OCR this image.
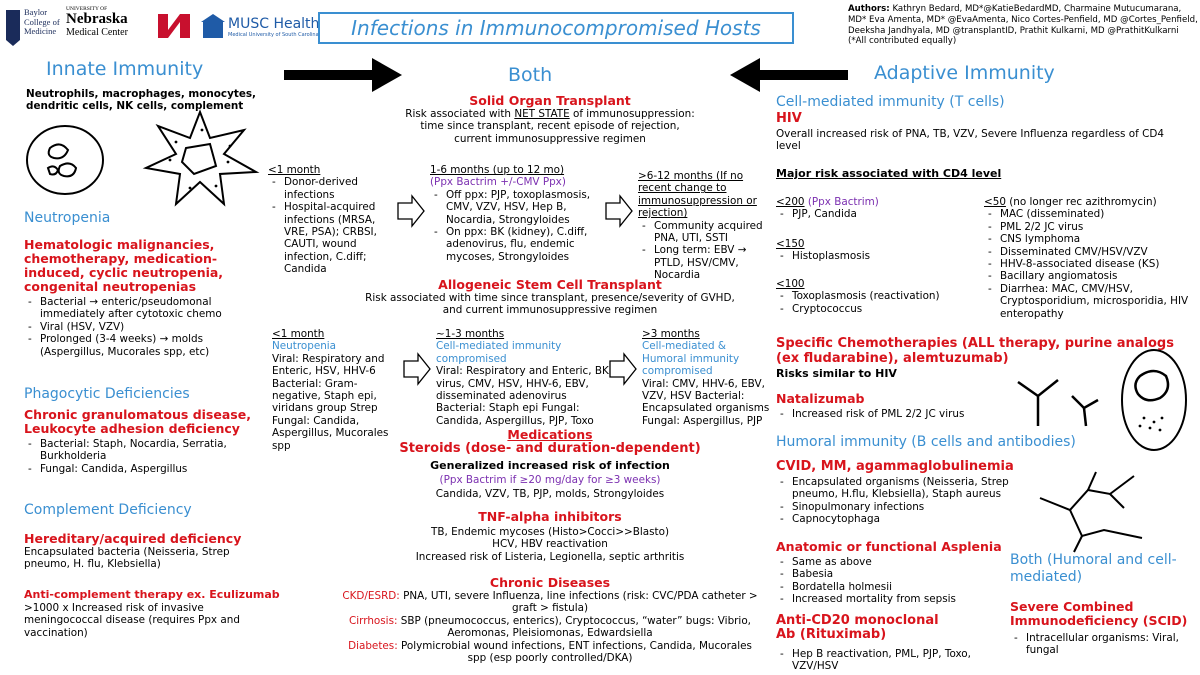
Baylor College of Medicine
UNIVERSITY OF
Nebraska
Medical Center
MUSC Health
Medical University of South Carolina	Infections in Immunocompromised Hosts
Authors: Kathryn Bedard, MD*@KatieBedardMD, Charmaine Mutucumarana, MD* Eva Amenta, MD* @EvaAmenta, Nico Cortes-Penfield, MD @Cortes_Penfield, Deeksha Jandhyala, MD @transplantID, Prathit Kulkarni, MD @PrathitKulkarni
(*All contributed equally)
Innate Immunity	Both	Adaptive Immunity
Neutrophils, macrophages, monocytes, dendritic cells, NK cells, complement
Neutropenia
Hematologic malignancies, chemotherapy, medication-induced, cyclic neutropenia, congenital neutropenias
- Bacterial → enteric/pseudomonal immediately after cytotoxic chemo
- Viral (HSV, VZV)
- Prolonged (3-4 weeks) → molds (Aspergillus, Mucorales spp, etc)
Phagocytic Deficiencies
Chronic granulomatous disease, Leukocyte adhesion deficiency
- Bacterial: Staph, Nocardia, Serratia, Burkholderia
- Fungal: Candida, Aspergillus
Complement Deficiency
Hereditary/acquired deficiency
Encapsulated bacteria (Neisseria, Strep pneumo, H. flu, Klebsiella)
Anti-complement therapy ex. Eculizumab
>1000 x Increased risk of invasive meningococcal disease (requires Ppx and vaccination)
Solid Organ Transplant
Risk associated with NET STATE of immunosuppression:
time since transplant, recent episode of rejection,
current immunosuppressive regimen
<1 month
- Donor-derived infections
- Hospital-acquired infections (MRSA, VRE, PSA); CRBSI, CAUTI, wound infection, C.diff; Candida
1-6 months (up to 12 mo)
(Ppx Bactrim +/-CMV Ppx)
- Off ppx: PJP, toxoplasmosis, CMV, VZV, HSV, Hep B, Nocardia, Strongyloides
- On ppx: BK (kidney), C.diff, adenovirus, flu, endemic mycoses, Strongyloides
>6-12 months (If no recent change to immunosuppression or rejection)
- Community acquired PNA, UTI, SSTI
- Long term: EBV → PTLD, HSV/CMV, Nocardia
Allogeneic Stem Cell Transplant
Risk associated with time since transplant, presence/severity of GVHD,
and current immunosuppressive regimen
<1 month
Neutropenia
Viral: Respiratory and Enteric, HSV, HHV-6 Bacterial: Gram-negative, Staph epi, viridans group Strep Fungal: Candida, Aspergillus, Mucorales spp
~1-3 months
Cell-mediated immunity compromised
Viral: Respiratory and Enteric, BK virus, CMV, HSV, HHV-6, EBV, disseminated adenovirus Bacterial: Staph epi Fungal: Candida, Aspergillus, PJP, Toxo
>3 months
Cell-mediated & Humoral immunity compromised
Viral: CMV, HHV-6, EBV, VZV, HSV Bacterial: Encapsulated organisms Fungal: Aspergillus, PJP
Medications
Steroids (dose- and duration-dependent)
Generalized increased risk of infection
(Ppx Bactrim if ≥20 mg/day for ≥3 weeks)
Candida, VZV, TB, PJP, molds, Strongyloides
TNF-alpha inhibitors
TB, Endemic mycoses (Histo>Cocci>>Blasto)
HCV, HBV reactivation
Increased risk of Listeria, Legionella, septic arthritis
Chronic Diseases
CKD/ESRD: PNA, UTI, severe Influenza, line infections (risk: CVC/PDA catheter > graft > fistula)
Cirrhosis: SBP (pneumococcus, enterics), Cryptococcus, “water” bugs: Vibrio, Aeromonas, Pleisiomonas, Edwardsiella
Diabetes: Polymicrobial wound infections, ENT infections, Candida, Mucorales spp (esp poorly controlled/DKA)
Cell-mediated immunity (T cells)
HIV
Overall increased risk of PNA, TB, VZV, Severe Influenza regardless of CD4 level
Major risk associated with CD4 level
<200 (Ppx Bactrim)
- PJP, Candida
<150
- Histoplasmosis
<100
- Toxoplasmosis (reactivation)
- Cryptococcus
<50 (no longer rec azithromycin)
- MAC (disseminated)
- PML 2/2 JC virus
- CNS lymphoma
- Disseminated CMV/HSV/VZV
- HHV-8-associated disease (KS)
- Bacillary angiomatosis
- Diarrhea: MAC, CMV/HSV, Cryptosporidium, microsporidia, HIV enteropathy
Specific Chemotherapies (ALL therapy, purine analogs (ex fludarabine), alemtuzumab)
Risks similar to HIV
Natalizumab
- Increased risk of PML 2/2 JC virus
Humoral immunity (B cells and antibodies)
CVID, MM, agammaglobulinemia
- Encapsulated organisms (Neisseria, Strep pneumo, H.flu, Klebsiella), Staph aureus
- Sinopulmonary infections
- Capnocytophaga
Anatomic or functional Asplenia
- Same as above
- Babesia
- Bordatella holmesii
- Increased mortality from sepsis
Anti-CD20 monoclonal Ab (Rituximab)
- Hep B reactivation, PML, PJP, Toxo, VZV/HSV
Both (Humoral and cell-mediated)
Severe Combined Immunodeficiency (SCID)
- Intracellular organisms: Viral, fungal
